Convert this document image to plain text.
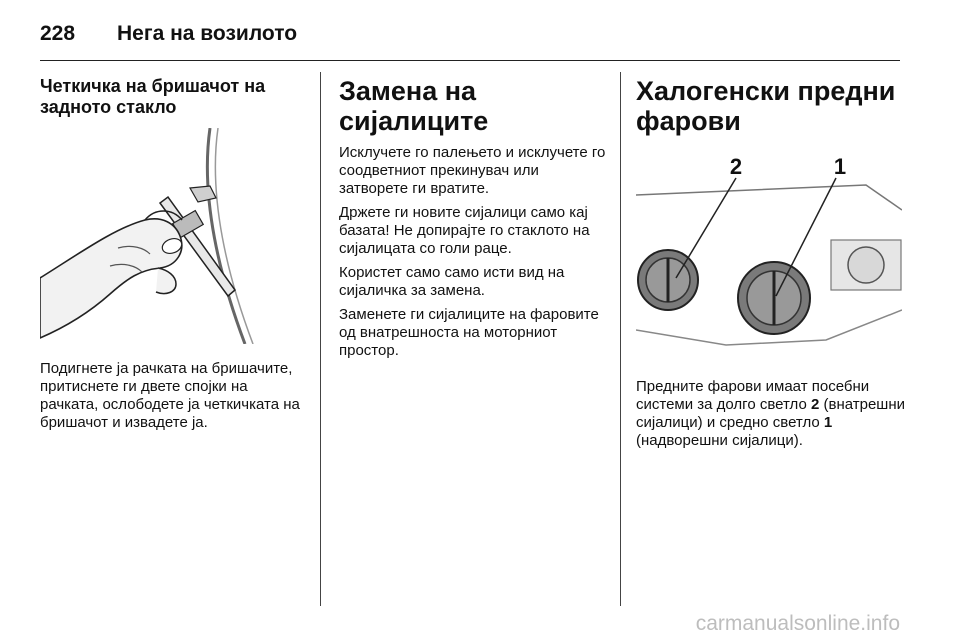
228 Нега на возилото
Четкичка на бришачот на задното стакло

Подигнете ја рачката на бришачите, притиснете ги двете спојки на рачката, ослободете ја четкичката на бришачот и извадете ја.

Замена на сијалиците

Исклучете го палењето и исклучете го соодветниот прекинувач или затворете ги вратите.

Држете ги новите сијалици само кај базата! Не допирајте го стаклото на сијалицата со голи раце.

Користет само само исти вид на сијаличка за замена.

Заменете ги сијалиците на фаровите од внатрешноста на моторниот простор.

Халогенски предни фарови
2	1

Предните фарови имаат посебни системи за долго светло 2 (внатрешни сијалици) и средно светло 1 (надворешни сијалици).

carmanualsonline.info
